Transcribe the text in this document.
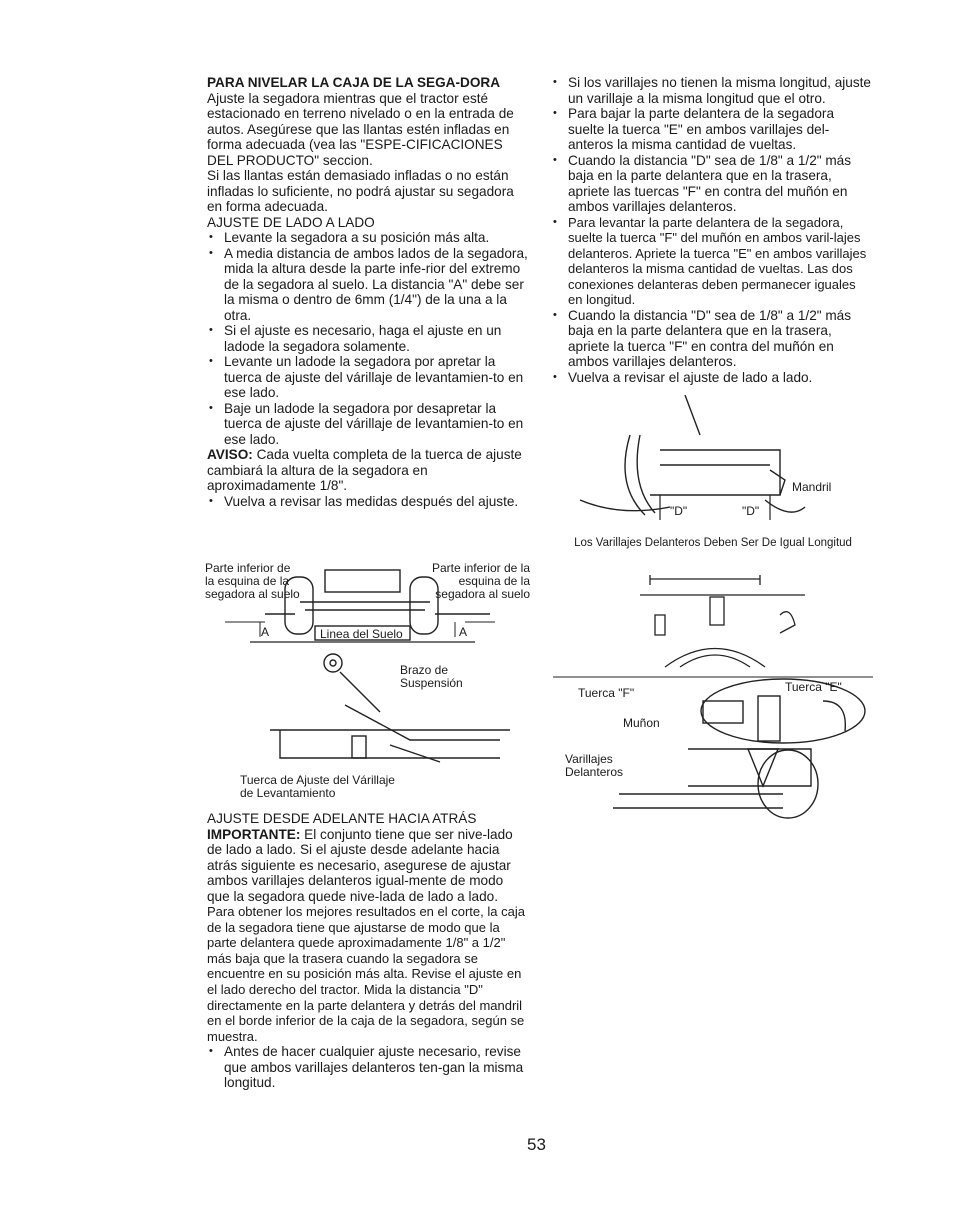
PARA NIVELAR LA CAJA DE LA SEGA-DORA

Ajuste la segadora mientras que el tractor esté estacionado en terreno nivelado o en la entrada de autos. Asegúrese que las llantas estén infladas en forma adecuada (vea las "ESPE-CIFICACIONES DEL PRODUCTO" seccion.

Si las llantas están demasiado infladas o no están infladas lo suficiente, no podrá ajustar su segadora en forma adecuada.

AJUSTE DE LADO A LADO

• Levante la segadora a su posición más alta.
• A media distancia de ambos lados de la segadora, mida la altura desde la parte infe-rior del extremo de la segadora al suelo. La distancia "A" debe ser la misma o dentro de 6mm (1/4") de la una a la otra.
• Si el ajuste es necesario, haga el ajuste en un ladode la segadora solamente.
• Levante un ladode la segadora por apretar la tuerca de ajuste del várillaje de levantamien-to en ese lado.
• Baje un ladode la segadora por desapretar la tuerca de ajuste del várillaje de levantamien-to en ese lado.

AVISO: Cada vuelta completa de la tuerca de ajuste cambiará la altura de la segadora en aproximadamente 1/8".

• Vuelva a revisar las medidas después del ajuste.
Parte inferior de la esquina de la segadora al suelo
Parte inferior de la esquina de la segadora al suelo
Linea del Suelo
A	A
Brazo de Suspensión
Tuerca de Ajuste del Várillaje de Levantamiento

AJUSTE DESDE ADELANTE HACIA ATRÁS

IMPORTANTE: El conjunto tiene que ser nive-lado de lado a lado. Si el ajuste desde adelante hacia atrás siguiente es necesario, asegurese de ajustar ambos varillajes delanteros igual-mente de modo que la segadora quede nive-lada de lado a lado.

Para obtener los mejores resultados en el corte, la caja de la segadora tiene que ajustarse de modo que la parte delantera quede aproximadamente 1/8" a 1/2" más baja que la trasera cuando la segadora se encuentre en su posición más alta. Revise el ajuste en el lado derecho del tractor. Mida la distancia "D" directamente en la parte delantera y detrás del mandril en el borde inferior de la caja de la segadora, según se muestra.

• Antes de hacer cualquier ajuste necesario, revise que ambos varillajes delanteros ten-gan la misma longitud.
• Si los varillajes no tienen la misma longitud, ajuste un varillaje a la misma longitud que el otro.
• Para bajar la parte delantera de la segadora suelte la tuerca "E" en ambos varillajes del-anteros la misma cantidad de vueltas.
• Cuando la distancia "D" sea de 1/8" a 1/2" más baja en la parte delantera que en la trasera, apriete las tuercas "F" en contra del muñón en ambos varillajes delanteros.
• Para levantar la parte delantera de la segadora, suelte la tuerca "F" del muñón en ambos varil-lajes delanteros. Apriete la tuerca "E" en ambos varillajes delanteros la misma cantidad de vueltas. Las dos conexiones delanteras deben permanecer iguales en longitud.
• Cuando la distancia "D" sea de 1/8" a 1/2" más baja en la parte delantera que en la trasera, apriete la tuerca "F" en contra del muñón en ambos varillajes delanteros.
• Vuelva a revisar el ajuste de lado a lado.
Mandril
"D"	"D"
Los Varillajes Delanteros Deben Ser De Igual Longitud
Tuerca "F"	Tuerca "E"
Muñon
Varillajes Delanteros
53
